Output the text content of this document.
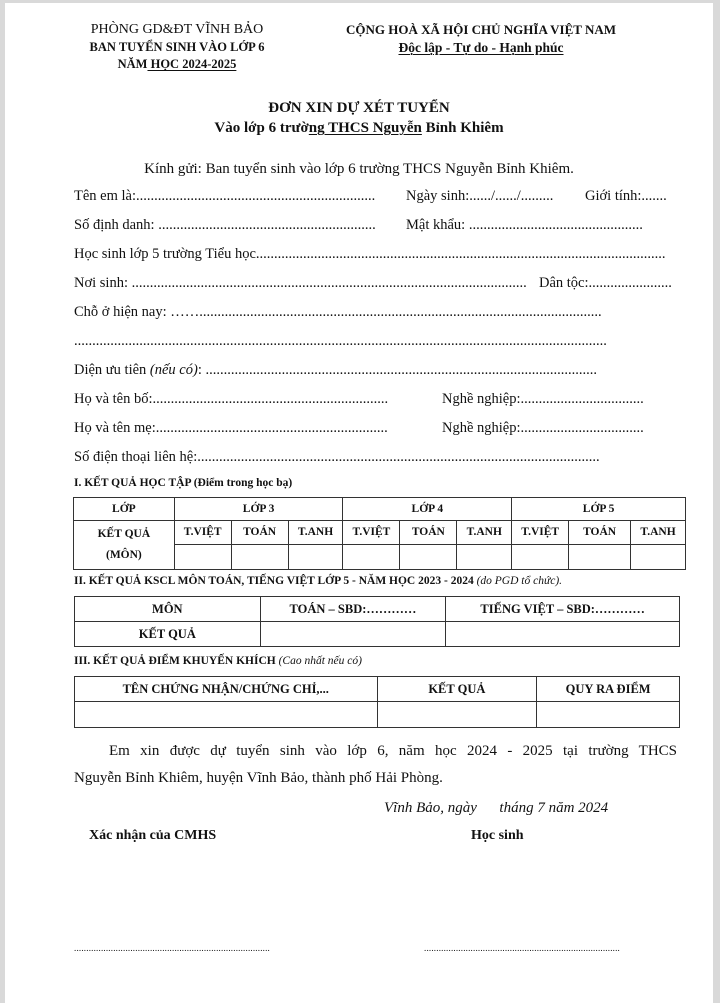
PHÒNG GD&ĐT VĨNH BẢO
BAN TUYỂN SINH VÀO LỚP 6
NĂM HỌC 2024-2025
CỘNG HOÀ XÃ HỘI CHỦ NGHĨA VIỆT NAM
Độc lập - Tự do - Hạnh phúc
ĐƠN XIN DỰ XÉT TUYỂN
Vào lớp 6 trường THCS Nguyễn Bỉnh Khiêm
Kính gửi: Ban tuyển sinh vào lớp 6 trường THCS Nguyễn Bỉnh Khiêm.
Tên em là:.................................................................. Ngày sinh:....../....../......... Giới tính:.......
Số định danh: ............................................................ Mật khẩu: ................................................
Học sinh lớp 5 trường Tiểu học.................................................................................................................
Nơi sinh: ............................................................................................................. Dân tộc:.......................
Chỗ ở hiện nay: ……...............................................................................................................
...................................................................................................................................................
Diện ưu tiên (nếu có): ............................................................................................................
Họ và tên bố:.................................................................	Nghề nghiệp:..................................
Họ và tên mẹ:................................................................	Nghề nghiệp:..................................
Số điện thoại liên hệ:...............................................................................................................
I. KẾT QUẢ HỌC TẬP (Điểm trong học bạ)
LỚP	LỚP 3			LỚP 4			LỚP 5		

KẾT QUẢ
(MÔN)	T.VIỆT	TOÁN	T.ANH	T.VIỆT	TOÁN	T.ANH	T.VIỆT	TOÁN	T.ANH

II. KẾT QUẢ KSCL MÔN TOÁN, TIẾNG VIỆT LỚP 5 - NĂM HỌC 2023 - 2024 (do PGD tổ chức).
MÔN	TOÁN – SBD:…………	TIẾNG VIỆT – SBD:…………
KẾT QUẢ		
III. KẾT QUẢ ĐIỂM KHUYẾN KHÍCH (Cao nhất nếu có)
TÊN CHỨNG NHẬN/CHỨNG CHỈ,...	KẾT QUẢ	QUY RA ĐIỂM

Em xin được dự tuyển sinh vào lớp 6, năm học 2024 - 2025 tại trường THCS
Nguyễn Bỉnh Khiêm, huyện Vĩnh Bảo, thành phố Hải Phòng.
Vĩnh Bảo, ngày      tháng 7 năm 2024
Xác nhận của CMHS	Học sinh
................................................................................	................................................................................
